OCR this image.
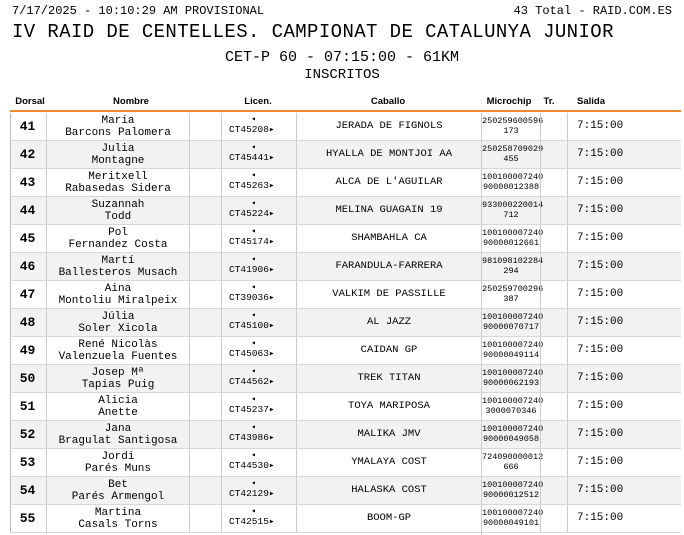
7/17/2025 - 10:10:29 AM PROVISIONAL	43 Total - RAID.COM.ES
IV RAID DE CENTELLES. CAMPIONAT DE CATALUNYA JUNIOR
CET-P 60 - 07:15:00 - 61KM
INSCRITOS
Dorsal	Nombre	Licen.	Caballo	Microchip	Tr.	Salida
41	Maria
Barcons Palomera
◂
CT45208▸	JERADA DE FIGNOLS	250259600596
173	7:15:00
42	Julia
Montagne
◂
CT45441▸	HYALLA DE MONTJOI AA	250258709029
455	7:15:00
43	Meritxell
Rabasedas Sidera
◂
CT45263▸	ALCA DE L'AGUILAR	100100007240
90000012388	7:15:00
44	Suzannah
Todd
◂
CT45224▸	MELINA GUAGAIN 19	933000220014
712	7:15:00
45	Pol
Fernandez Costa
◂
CT45174▸	SHAMBAHLA CA	100100007240
90000012661	7:15:00
46	Martí
Ballesteros Musach
◂
CT41906▸	FARANDULA-FARRERA	981098102284
294	7:15:00
47	Aina
Montoliu Miralpeix
◂
CT39036▸	VALKIM DE PASSILLE	250259700296
387	7:15:00
48	Júlia
Soler Xicola
◂
CT45100▸	AL JAZZ	100100007240
90000070717	7:15:00
49	René Nicolàs
Valenzuela Fuentes
◂
CT45063▸	CAIDAN GP	100100007240
90000049114	7:15:00
50	Josep Mª
Tapias Puig
◂
CT44562▸	TREK TITAN	100100007240
90000062193	7:15:00
51	Alicia
Anette
◂
CT45237▸	TOYA MARIPOSA	100100007240
3000070346	7:15:00
52	Jana
Bragulat Santigosa
◂
CT43986▸	MALIKA JMV	100100007240
90000049058	7:15:00
53	Jordi
Parés Muns
◂
CT44530▸	YMALAYA COST	724090000012
666	7:15:00
54	Bet
Parés Armengol
◂
CT42129▸	HALASKA COST	100100007240
90000012512	7:15:00
55	Martina
Casals Torns
◂
CT42515▸	BOOM-GP	100100007240
90000049101	7:15:00
